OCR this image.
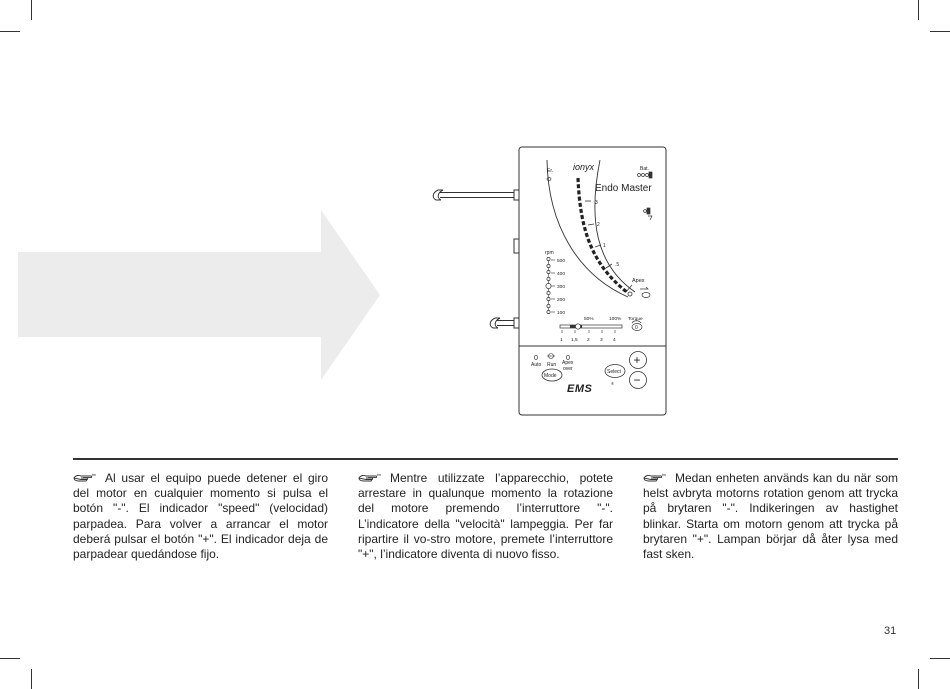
ionyx
Endo Master
Er.	Bat.
3
2
1
.5
Apex
rpm
500
400
300
200
100
50%	100% Torque
1 1,5 2 3 4
0
0	0
Auto Run Apex
over
Mode
Select
+
−
EMS	®
tm Al usar el equipo puede detener el giro del motor en cualquier momento si pulsa el botón "-". El indicador "speed" (velocidad) parpadea. Para volver a arrancar el motor deberá pulsar el botón "+". El indicador deja de parpadear quedándose fijo.
tm Mentre utilizzate l’apparecchio, potete arrestare in qualunque momento la rotazione del motore premendo l’interruttore "-". L’indicatore della "velocità" lampeggia. Per far ripartire il vo-stro motore, premete l’interruttore "+", l’indicatore diventa di nuovo fisso.
tm Medan enheten används kan du när som helst avbryta motorns rotation genom att trycka på brytaren "-". Indikeringen av hastighet blinkar. Starta om motorn genom att trycka på brytaren "+". Lampan börjar då åter lysa med fast sken.
31
